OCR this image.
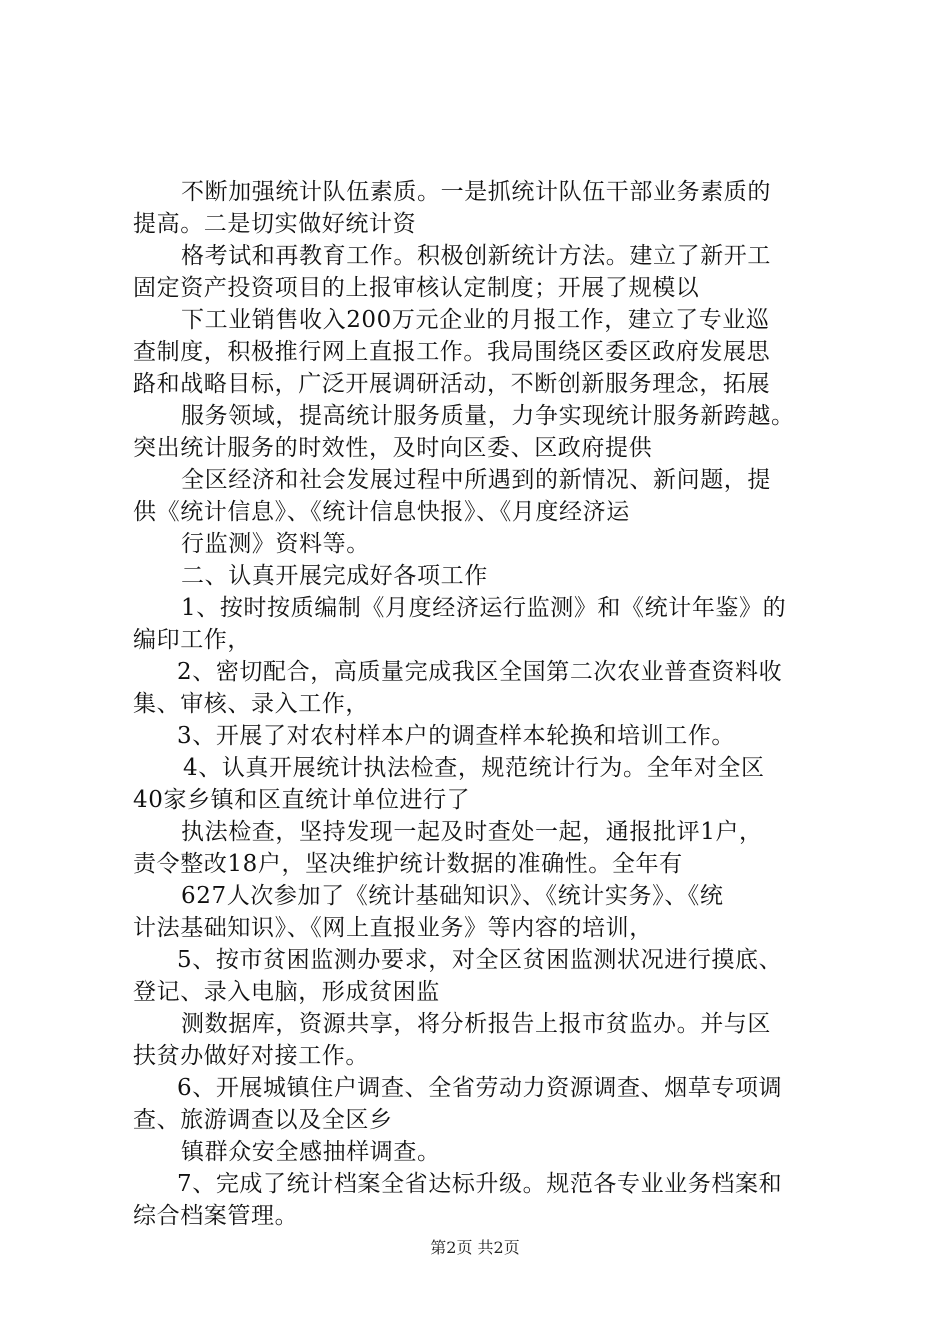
不断加强统计队伍素质。一是抓统计队伍干部业务素质的
提高。二是切实做好统计资
格考试和再教育工作。积极创新统计方法。建立了新开工
固定资产投资项目的上报审核认定制度；开展了规模以
下工业销售收入200万元企业的月报工作，建立了专业巡
查制度，积极推行网上直报工作。我局围绕区委区政府发展思
路和战略目标，广泛开展调研活动，不断创新服务理念，拓展
服务领域，提高统计服务质量，力争实现统计服务新跨越。
突出统计服务的时效性，及时向区委、区政府提供
全区经济和社会发展过程中所遇到的新情况、新问题，提
供《统计信息》、《统计信息快报》、《月度经济运
行监测》资料等。
二、认真开展完成好各项工作
1、按时按质编制《月度经济运行监测》和《统计年鉴》的
编印工作，
2、密切配合，高质量完成我区全国第二次农业普查资料收
集、审核、录入工作，
3、开展了对农村样本户的调查样本轮换和培训工作。
4、认真开展统计执法检查，规范统计行为。全年对全区
40家乡镇和区直统计单位进行了
执法检查，坚持发现一起及时查处一起，通报批评1户，
责令整改18户，坚决维护统计数据的准确性。全年有
627人次参加了《统计基础知识》、《统计实务》、《统
计法基础知识》、《网上直报业务》等内容的培训，
5、按市贫困监测办要求，对全区贫困监测状况进行摸底、
登记、录入电脑，形成贫困监
测数据库，资源共享，将分析报告上报市贫监办。并与区
扶贫办做好对接工作。
6、开展城镇住户调查、全省劳动力资源调查、烟草专项调
查、旅游调查以及全区乡
镇群众安全感抽样调查。
7、完成了统计档案全省达标升级。规范各专业业务档案和
综合档案管理。
第2页 共2页
